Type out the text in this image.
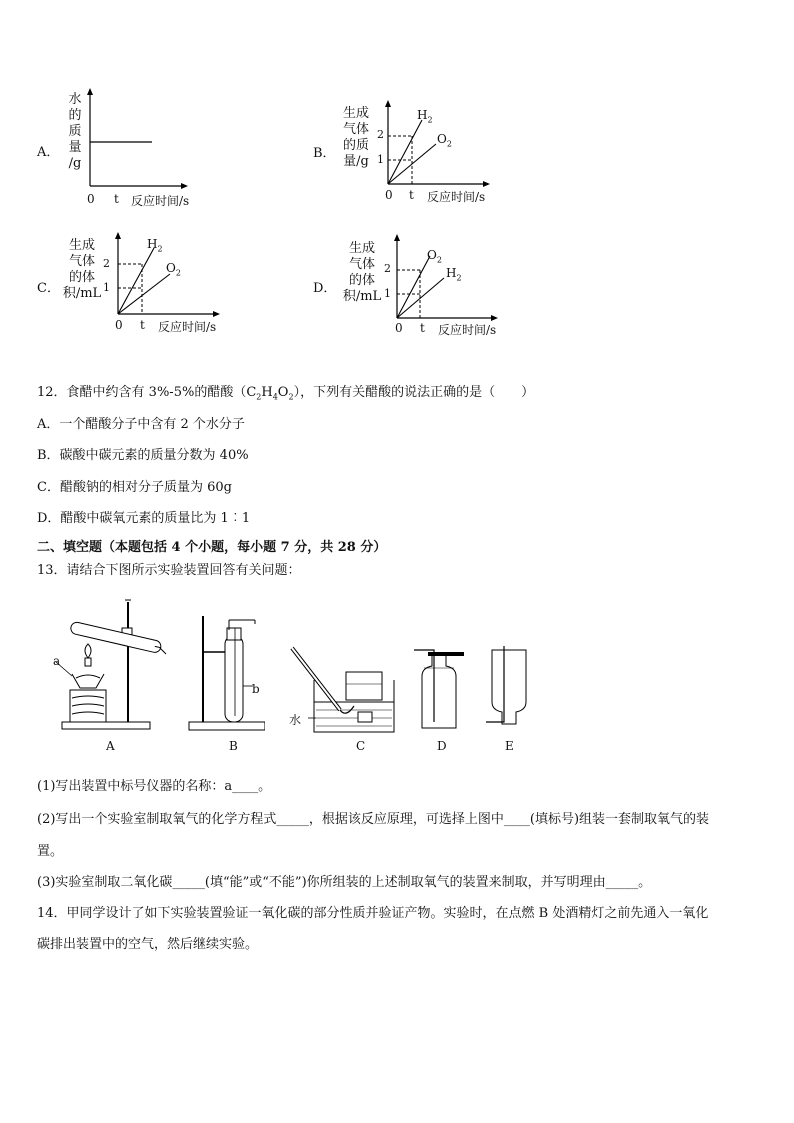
A．
水
的
质
量
/g
0 t 反应时间/s
B．
生成
气体
的质
量/g
2
1
$H_2$
$O_2$
0 t 反应时间/s
C．
生成
气体
的体
积/mL
2
1
$H_2$
$O_2$
0 t 反应时间/s
D．
生成
气体
的体
积/mL
2
1
$O_2$
$H_2$
0 t 反应时间/s
12．食醋中约含有 3%-5%的醋酸$(C_2H_4O_2)$，下列有关醋酸的说法正确的是（　　）
A．一个醋酸分子中含有 2 个水分子
B．碳酸中碳元素的质量分数为 40%
C．醋酸钠的相对分子质量为 60g
D．醋酸中碳氧元素的质量比为 1︰1
二、填空题（本题包括 4 个小题，每小题 7 分，共 28 分）
13．请结合下图所示实验装置回答有关问题：
a
A
b
B
水
C	D	E
(1)写出装置中标号仪器的名称：a____。
(2)写出一个实验室制取氧气的化学方程式_____，根据该反应原理，可选择上图中____(填标号)组装一套制取氧气的装
置。
(3)实验室制取二氧化碳_____(填“能”或“不能”)你所组装的上述制取氧气的装置来制取，并写明理由_____。
14．甲同学设计了如下实验装置验证一氧化碳的部分性质并验证产物。实验时，在点燃 B 处酒精灯之前先通入一氧化
碳排出装置中的空气，然后继续实验。
